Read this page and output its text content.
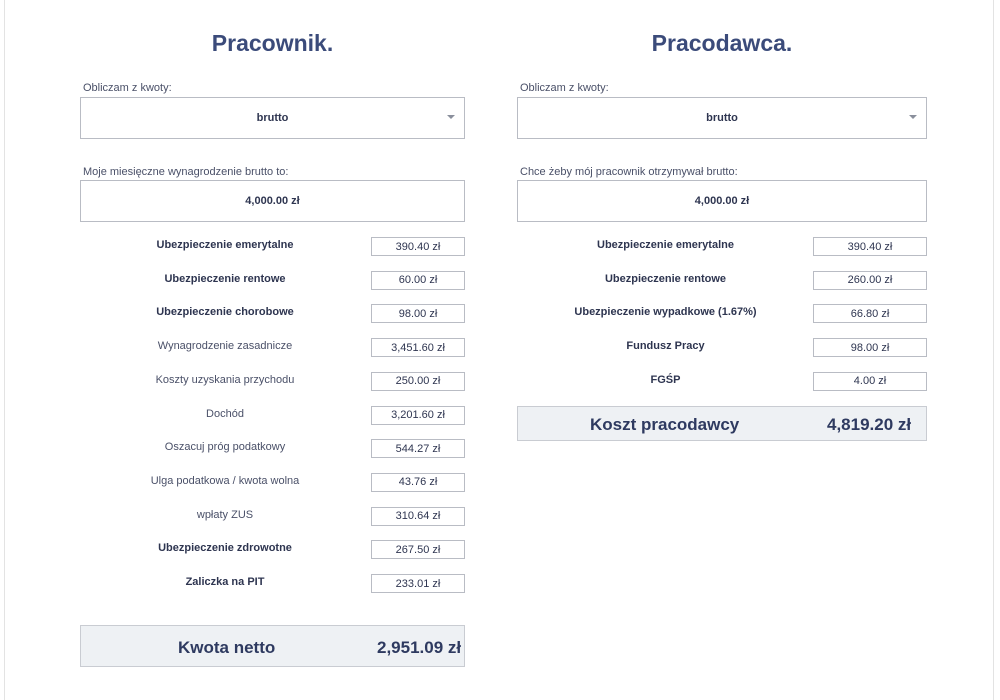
Pracownik.
Obliczam z kwoty:
brutto
Moje miesięczne wynagrodzenie brutto to:
4,000.00 zł
Ubezpieczenie emerytalne	390.40 zł
Ubezpieczenie rentowe	60.00 zł
Ubezpieczenie chorobowe	98.00 zł
Wynagrodzenie zasadnicze	3,451.60 zł
Koszty uzyskania przychodu	250.00 zł
Dochód	3,201.60 zł
Oszacuj próg podatkowy	544.27 zł
Ulga podatkowa / kwota wolna	43.76 zł
wpłaty ZUS	310.64 zł
Ubezpieczenie zdrowotne	267.50 zł
Zaliczka na PIT	233.01 zł
Kwota netto	2,951.09 zł
Pracodawca.
Obliczam z kwoty:
brutto
Chce żeby mój pracownik otrzymywał brutto:
4,000.00 zł
Ubezpieczenie emerytalne	390.40 zł
Ubezpieczenie rentowe	260.00 zł
Ubezpieczenie wypadkowe (1.67%)	66.80 zł
Fundusz Pracy	98.00 zł
FGŚP	4.00 zł
Koszt pracodawcy	4,819.20 zł
